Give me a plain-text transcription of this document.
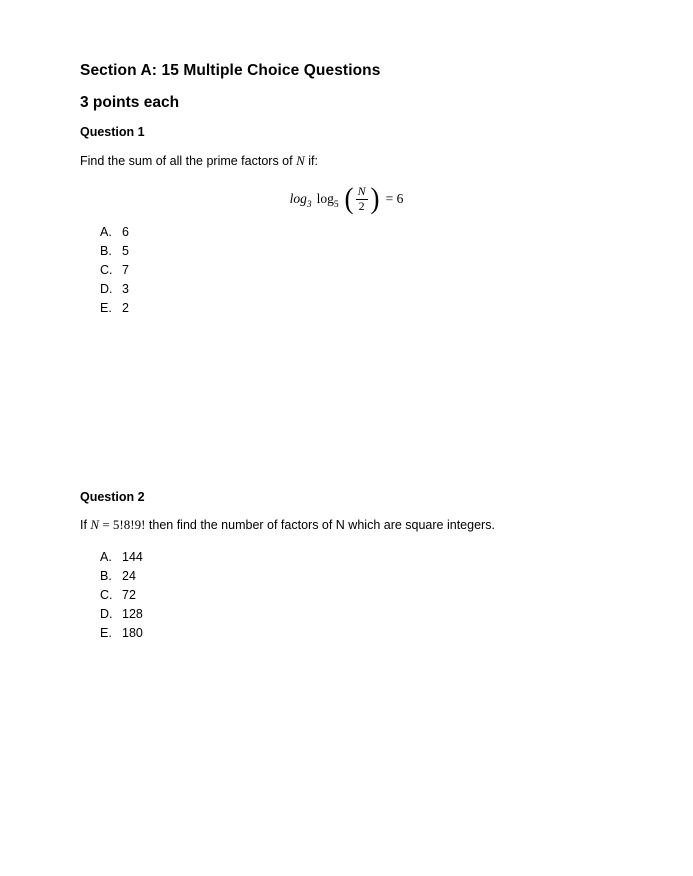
Section A: 15 Multiple Choice Questions
3 points each
Question 1
Find the sum of all the prime factors of N if:
$\log_3 \log_5$ ( $\frac{N}{2}$ ) = 6
A. 6
B. 5
C. 7
D. 3
E. 2
Question 2
If N = 5!8!9! then find the number of factors of N which are square integers.
A. 144
B. 24
C. 72
D. 128
E. 180
